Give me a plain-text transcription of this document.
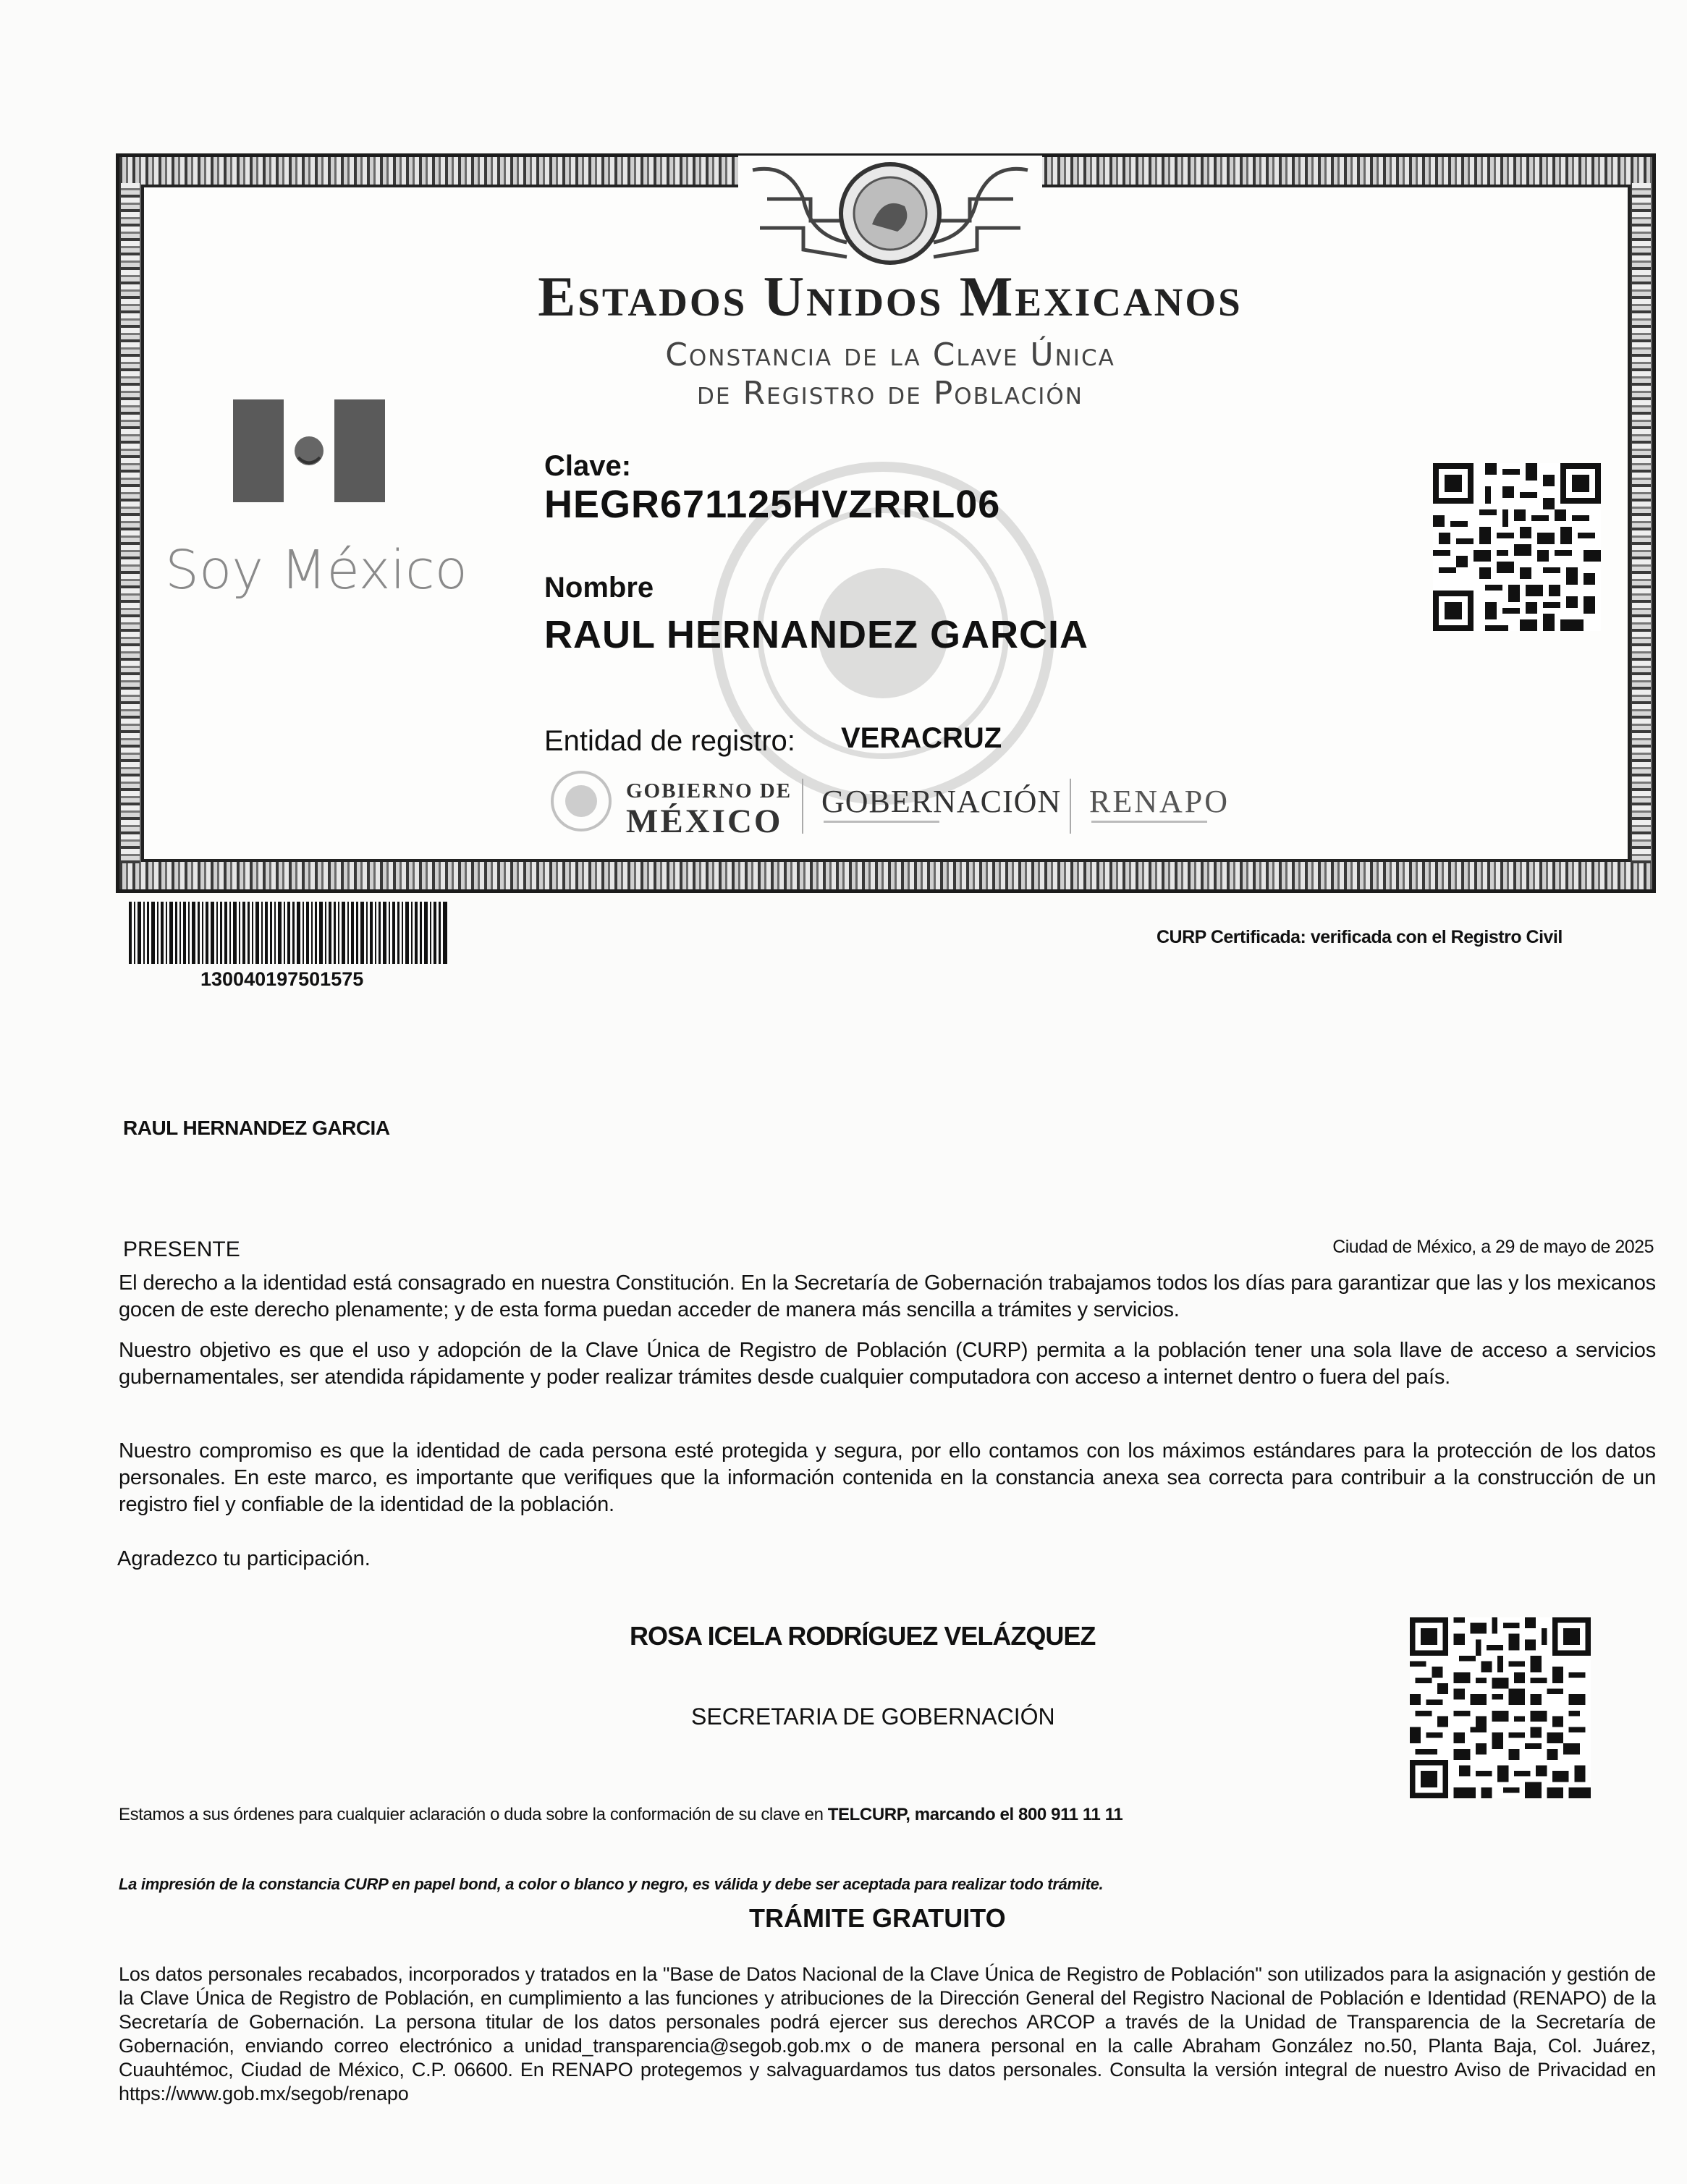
Estados Unidos Mexicanos
Constancia de la Clave Única
de Registro de Población
Soy México
Clave:
HEGR671125HVZRRL06
Nombre
RAUL HERNANDEZ GARCIA
Entidad de registro: VERACRUZ
GOBIERNO DE
MÉXICO
GOBERNACIÓN RENAPO
130040197501575
CURP Certificada: verificada con el Registro Civil
RAUL HERNANDEZ GARCIA
PRESENTE	Ciudad de México, a 29 de mayo de 2025
El derecho a la identidad está consagrado en nuestra Constitución. En la Secretaría de Gobernación trabajamos todos los días para garantizar que las y los mexicanos gocen de este derecho plenamente; y de esta forma puedan acceder de manera más sencilla a trámites y servicios.
Nuestro objetivo es que el uso y adopción de la Clave Única de Registro de Población (CURP) permita a la población tener una sola llave de acceso a servicios gubernamentales, ser atendida rápidamente y poder realizar trámites desde cualquier computadora con acceso a internet dentro o fuera del país.
Nuestro compromiso es que la identidad de cada persona esté protegida y segura, por ello contamos con los máximos estándares para la protección de los datos personales. En este marco, es importante que verifiques que la información contenida en la constancia anexa sea correcta para contribuir a la construcción de un registro fiel y confiable de la identidad de la población.
Agradezco tu participación.
ROSA ICELA RODRÍGUEZ VELÁZQUEZ
SECRETARIA DE GOBERNACIÓN
Estamos a sus órdenes para cualquier aclaración o duda sobre la conformación de su clave en TELCURP, marcando el 800 911 11 11
La impresión de la constancia CURP en papel bond, a color o blanco y negro, es válida y debe ser aceptada para realizar todo trámite.
TRÁMITE GRATUITO
Los datos personales recabados, incorporados y tratados en la "Base de Datos Nacional de la Clave Única de Registro de Población" son utilizados para la asignación y gestión de la Clave Única de Registro de Población, en cumplimiento a las funciones y atribuciones de la Dirección General del Registro Nacional de Población e Identidad (RENAPO) de la Secretaría de Gobernación. La persona titular de los datos personales podrá ejercer sus derechos ARCOP a través de la Unidad de Transparencia de la Secretaría de Gobernación, enviando correo electrónico a unidad_transparencia@segob.gob.mx o de manera personal en la calle Abraham González no.50, Planta Baja, Col. Juárez, Cuauhtémoc, Ciudad de México, C.P. 06600. En RENAPO protegemos y salvaguardamos tus datos personales. Consulta la versión integral de nuestro Aviso de Privacidad en https://www.gob.mx/segob/renapo
